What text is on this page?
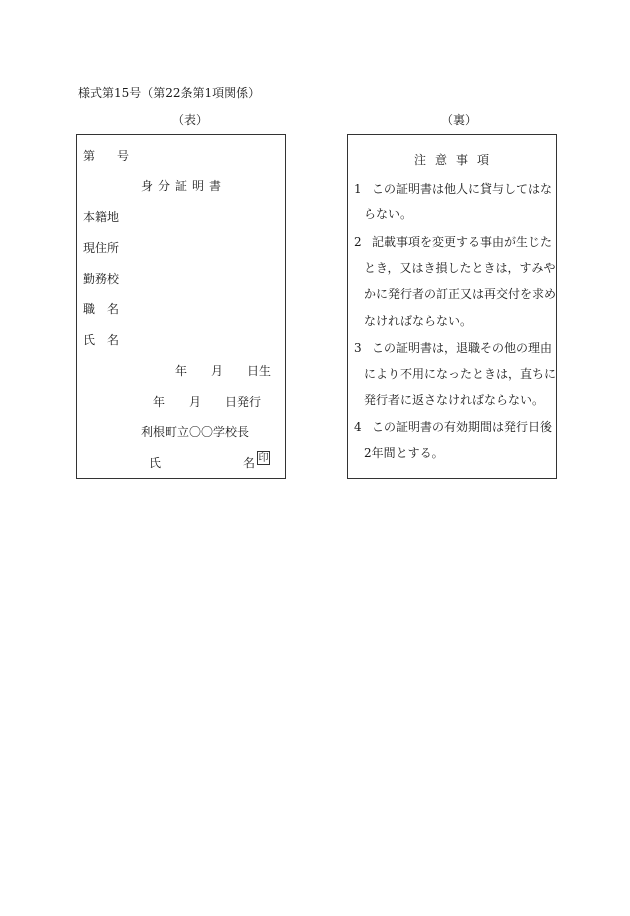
様式第15号（第22条第1項関係）
（表）	（裏）
第 号
身分証明書
本籍地
現住所
勤務校
職名
氏名
年　　月　　日生
年　　月　　日発行
利根町立〇〇学校長
氏	名 印
注意事項
1 この証明書は他人に貸与してはな
らない。
2 記載事項を変更する事由が生じた
とき，又はき損したときは，すみや
かに発行者の訂正又は再交付を求め
なければならない。
3 この証明書は，退職その他の理由
により不用になったときは，直ちに
発行者に返さなければならない。
4 この証明書の有効期間は発行日後
2年間とする。
